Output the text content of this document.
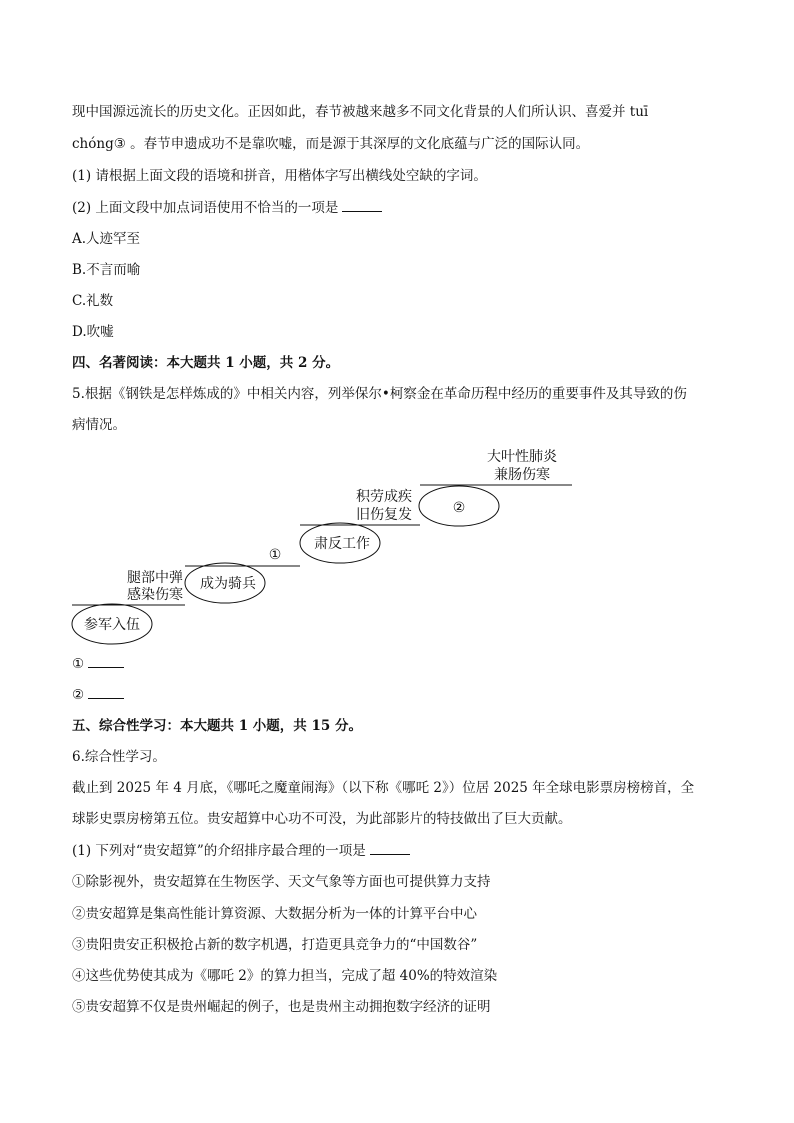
现中国源远流长的历史文化。正因如此，春节被越来越多不同文化背景的人们所认识、喜爱并 tuī
chóng③ 。春节申遗成功不是靠吹嘘，而是源于其深厚的文化底蕴与广泛的国际认同。
(1) 请根据上面文段的语境和拼音，用楷体字写出横线处空缺的字词。
(2) 上面文段中加点词语使用不恰当的一项是
A.人迹罕至
B.不言而喻
C.礼数
D.吹嘘
四、名著阅读：本大题共 1 小题，共 2 分。
5.根据《钢铁是怎样炼成的》中相关内容，列举保尔•柯察金在革命历程中经历的重要事件及其导致的伤
病情况。
参军入伍
成为骑兵
肃反工作
②
腿部中弹
感染伤寒
①
积劳成疾
旧伤复发
大叶性肺炎
兼肠伤寒
①
②
五、综合性学习：本大题共 1 小题，共 15 分。
6.综合性学习。
截止到 2025 年 4 月底，《哪吒之魔童闹海》（以下称《哪吒 2》）位居 2025 年全球电影票房榜榜首，全
球影史票房榜第五位。贵安超算中心功不可没，为此部影片的特技做出了巨大贡献。
(1) 下列对“贵安超算”的介绍排序最合理的一项是
①除影视外，贵安超算在生物医学、天文气象等方面也可提供算力支持
②贵安超算是集高性能计算资源、大数据分析为一体的计算平台中心
③贵阳贵安正积极抢占新的数字机遇，打造更具竞争力的“中国数谷”
④这些优势使其成为《哪吒 2》的算力担当，完成了超 40%的特效渲染
⑤贵安超算不仅是贵州崛起的例子，也是贵州主动拥抱数字经济的证明
